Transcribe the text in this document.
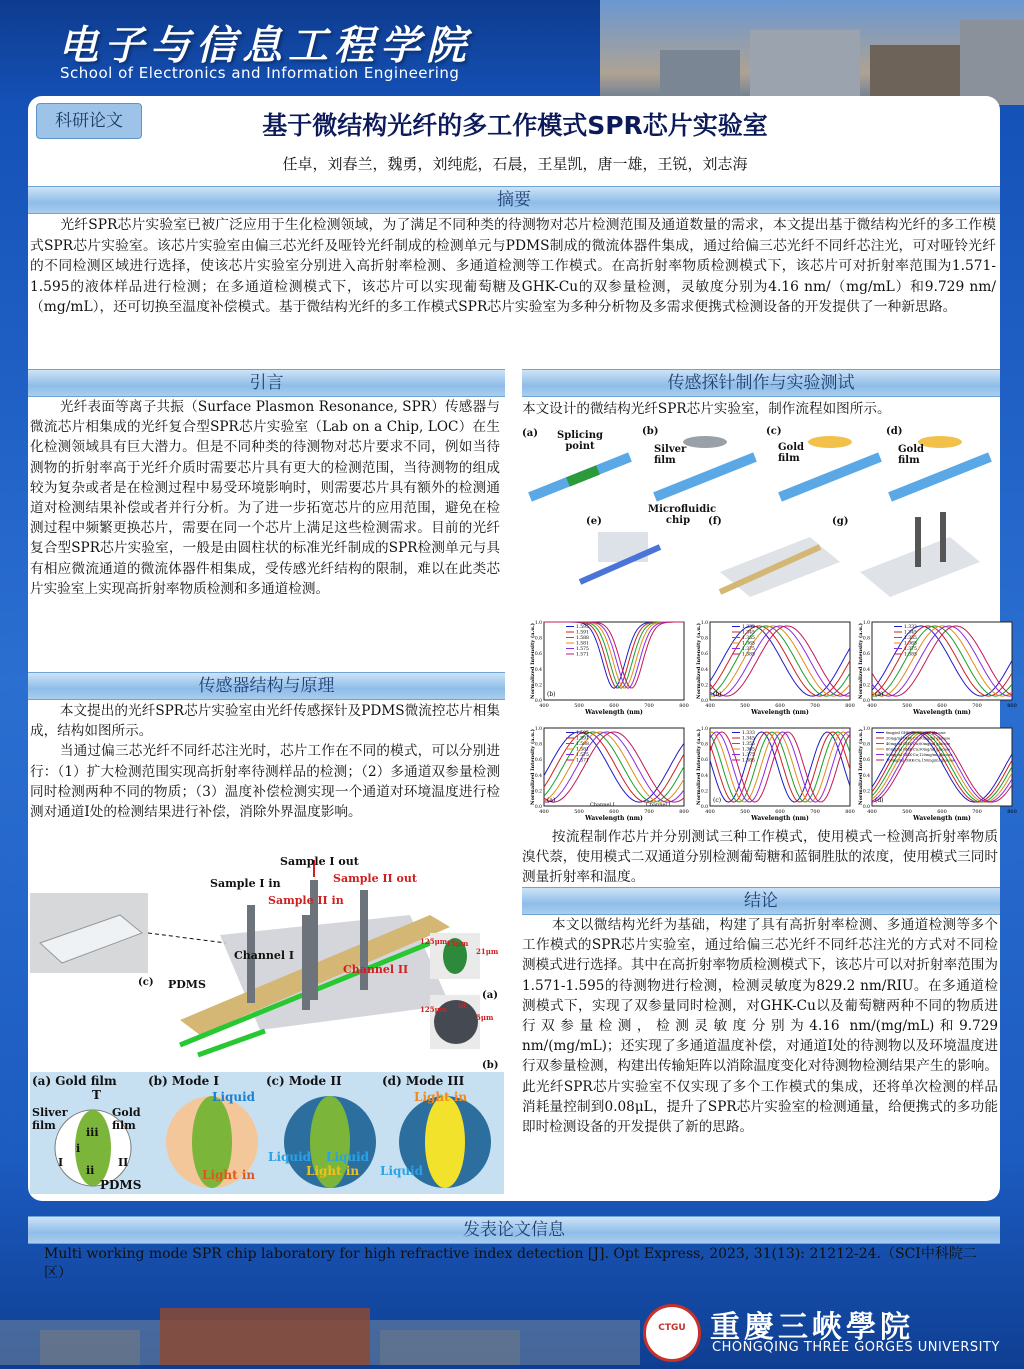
电子与信息工程学院
School of Electronics and Information Engineering
科研论文	基于微结构光纤的多工作模式SPR芯片实验室
任卓，刘春兰，魏勇，刘纯彪，石晨，王星凯，唐一雄，王锐，刘志海
摘要

光纤SPR芯片实验室已被广泛应用于生化检测领域，为了满足不同种类的待测物对芯片检测范围及通道数量的需求，本文提出基于微结构光纤的多工作模式SPR芯片实验室。该芯片实验室由偏三芯光纤及哑铃光纤制成的检测单元与PDMS制成的微流体器件集成，通过给偏三芯光纤不同纤芯注光，可对哑铃光纤的不同检测区域进行选择，使该芯片实验室分别进入高折射率检测、多通道检测等工作模式。在高折射率物质检测模式下，该芯片可对折射率范围为1.571-1.595的液体样品进行检测；在多通道检测模式下，该芯片可以实现葡萄糖及GHK-Cu的双参量检测，灵敏度分别为4.16 nm/（mg/mL）和9.729 nm/（mg/mL），还可切换至温度补偿模式。基于微结构光纤的多工作模式SPR芯片实验室为多种分析物及多需求便携式检测设备的开发提供了一种新思路。

引言

光纤表面等离子共振（Surface Plasmon Resonance, SPR）传感器与微流芯片相集成的光纤复合型SPR芯片实验室（Lab on a Chip, LOC）在生化检测领域具有巨大潜力。但是不同种类的待测物对芯片要求不同，例如当待测物的折射率高于光纤介质时需要芯片具有更大的检测范围，当待测物的组成较为复杂或者是在检测过程中易受环境影响时，则需要芯片具有额外的检测通道对检测结果补偿或者并行分析。为了进一步拓宽芯片的应用范围，避免在检测过程中频繁更换芯片，需要在同一个芯片上满足这些检测需求。目前的光纤复合型SPR芯片实验室，一般是由圆柱状的标准光纤制成的SPR检测单元与具有相应微流通道的微流体器件相集成，受传感光纤结构的限制，难以在此类芯片实验室上实现高折射率物质检测和多通道检测。

传感器结构与原理

本文提出的光纤SPR芯片实验室由光纤传感探针及PDMS微流控芯片相集成，结构如图所示。

当通过偏三芯光纤不同纤芯注光时，芯片工作在不同的模式，可以分别进行：（1）扩大检测范围实现高折射率待测样品的检测；（2）多通道双参量检测同时检测两种不同的物质；（3）温度补偿检测实现一个通道对环境温度进行检测对通道I处的检测结果进行补偿，消除外界温度影响。

Sample I out
Sample I in	Sample II out
Sample II in
Channel I
Channel II
PDMS
(c)
(a)
(b)
125μm
21μm
15μm
125μm
5μm
iii
(a) Gold film	(b) Mode I	(c) Mode II	(d) Mode III
T
Sliver film
Gold film
I	II
i
ii
iii
PDMS
Liquid
Light in
Liquid Liquid
Light in
Light in
Liquid
传感探针制作与实验测试
本文设计的微结构光纤SPR芯片实验室，制作流程如图所示。
(a)	(b)	(c)	(d)
(e)	(f)	(g)
Splicing point	Silver film
Gold film
Gold film
Microfluidic chip
Normalized Intensity (a.u.)
Wavelength (nm)
400	500	600	700	800
0.0
0.2
0.4
0.6
0.8
1.0
1.595
1.591
1.588
1.581
1.575
1.571
(b)	Normalized Intensity (a.u.)
Wavelength (nm)
400	500	600	700	800
0.0
0.2
0.4
0.6
0.8
1.0
1.333
1.345
1.355
1.365
1.375
1.385
(b)	Normalized Intensity (a.u.)
Wavelength (nm)
400	500	600	700	800
0.0
0.2
0.4
0.6
0.8
1.0
1.333
1.345
1.355
1.365
1.375
1.385
(a)
Normalized Intensity (a.u.)
Wavelength (nm)
400	500	600	700	800
0.0
0.2
0.4
0.6
0.8
1.0
1.595
1.591
1.588
1.581
1.575
1.571
(a)	Normalized Intensity (a.u.)
Wavelength (nm)
400	500	600	700	800
0.0
0.2
0.4
0.6
0.8
1.0
1.333
1.345
1.355
1.365
1.375
1.385
(c)	Normalized Intensity (a.u.)
Wavelength (nm)
400	500	600	700	800
0.0
0.2
0.4
0.6
0.8
1.0
0mg/ml GHK-Cu;0mg/ml glucose
20mg/ml GHK-Cu;30mg/ml glucose
40mg/ml GHK-Cu;60mg/ml glucose
60mg/ml GHK-Cu;90mg/ml glucose
80mg/ml GHK-Cu;120mg/ml glucose
100mg/ml GHK-Cu;150mg/ml glucose
(d)
Channel I	Channel I

按流程制作芯片并分别测试三种工作模式，使用模式一检测高折射率物质溴代萘，使用模式二双通道分别检测葡萄糖和蓝铜胜肽的浓度，使用模式三同时测量折射率和温度。

结论

本文以微结构光纤为基础，构建了具有高折射率检测、多通道检测等多个工作模式的SPR芯片实验室，通过给偏三芯光纤不同纤芯注光的方式对不同检测模式进行选择。其中在高折射率物质检测模式下，该芯片可以对折射率范围为1.571-1.595的待测物进行检测，检测灵敏度为829.2 nm/RIU。在多通道检测模式下，实现了双参量同时检测，对GHK-Cu以及葡萄糖两种不同的物质进行双参量检测，检测灵敏度分别为4.16 nm/(mg/mL)和9.729 nm/(mg/mL)；还实现了多通道温度补偿，对通道I处的待测物以及环境温度进行双参量检测，构建出传输矩阵以消除温度变化对待测物检测结果产生的影响。此光纤SPR芯片实验室不仅实现了多个工作模式的集成，还将单次检测的样品消耗量控制到0.08μL，提升了SPR芯片实验室的检测通量，给便携式的多功能即时检测设备的开发提供了新的思路。

发表论文信息
Multi working mode SPR chip laboratory for high refractive index detection [J]. Opt Express, 2023, 31(13): 21212-24.（SCI中科院二区）
CTGU 重慶三峽學院
CHONGQING THREE GORGES UNIVERSITY
